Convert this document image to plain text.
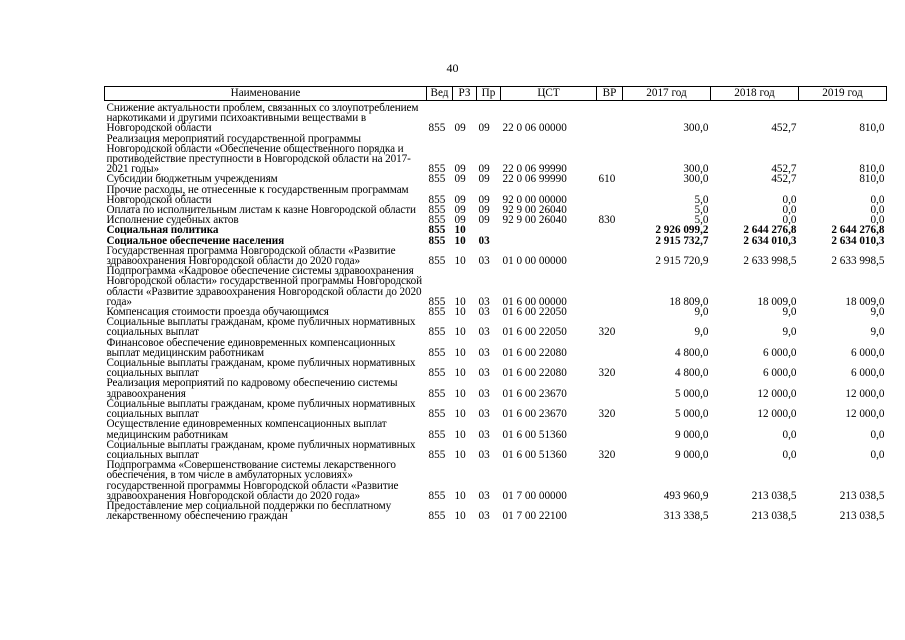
40
Наименование	Вед	РЗ	Пр	ЦСТ	ВР	2017 год	2018 год	2019 год
Снижение актуальности проблем, связанных со злоупотреблением наркотиками и другими психоактивными веществами в Новгородской области	855	09	09	22 0 06 00000		300,0	452,7	810,0
Реализация мероприятий государственной программы Новгородской области «Обеспечение общественного порядка и противодействие преступности в Новгородской области на 2017-2021 годы»	855	09	09	22 0 06 99990		300,0	452,7	810,0
Субсидии бюджетным учреждениям	855	09	09	22 0 06 99990	610	300,0	452,7	810,0
Прочие расходы, не отнесенные к государственным программам Новгородской области	855	09	09	92 0 00 00000		5,0	0,0	0,0
Оплата по исполнительным листам к казне Новгородской области	855	09	09	92 9 00 26040		5,0	0,0	0,0
Исполнение судебных актов	855	09	09	92 9 00 26040	830	5,0	0,0	0,0
Социальная политика	855	10				2 926 099,2	2 644 276,8	2 644 276,8
Социальное обеспечение населения	855	10	03			2 915 732,7	2 634 010,3	2 634 010,3
Государственная программа Новгородской области «Развитие здравоохранения Новгородской области до 2020 года»	855	10	03	01 0 00 00000		2 915 720,9	2 633 998,5	2 633 998,5
Подпрограмма «Кадровое обеспечение системы здравоохранения Новгородской области» государственной программы Новгородской области «Развитие здравоохранения Новгородской области до 2020 года»	855	10	03	01 6 00 00000		18 809,0	18 009,0	18 009,0
Компенсация стоимости проезда обучающимся	855	10	03	01 6 00 22050		9,0	9,0	9,0
Социальные выплаты гражданам, кроме публичных нормативных социальных выплат	855	10	03	01 6 00 22050	320	9,0	9,0	9,0
Финансовое обеспечение единовременных компенсационных выплат медицинским работникам	855	10	03	01 6 00 22080		4 800,0	6 000,0	6 000,0
Социальные выплаты гражданам, кроме публичных нормативных социальных выплат	855	10	03	01 6 00 22080	320	4 800,0	6 000,0	6 000,0
Реализация мероприятий по кадровому обеспечению системы здравоохранения	855	10	03	01 6 00 23670		5 000,0	12 000,0	12 000,0
Социальные выплаты гражданам, кроме публичных нормативных социальных выплат	855	10	03	01 6 00 23670	320	5 000,0	12 000,0	12 000,0
Осуществление единовременных компенсационных выплат медицинским работникам	855	10	03	01 6 00 51360		9 000,0	0,0	0,0
Социальные выплаты гражданам, кроме публичных нормативных социальных выплат	855	10	03	01 6 00 51360	320	9 000,0	0,0	0,0
Подпрограмма «Совершенствование системы лекарственного обеспечения, в том числе в амбулаторных условиях» государственной программы Новгородской области «Развитие здравоохранения Новгородской области до 2020 года»	855	10	03	01 7 00 00000		493 960,9	213 038,5	213 038,5
Предоставление мер социальной поддержки по бесплатному лекарственному обеспечению граждан	855	10	03	01 7 00 22100		313 338,5	213 038,5	213 038,5
